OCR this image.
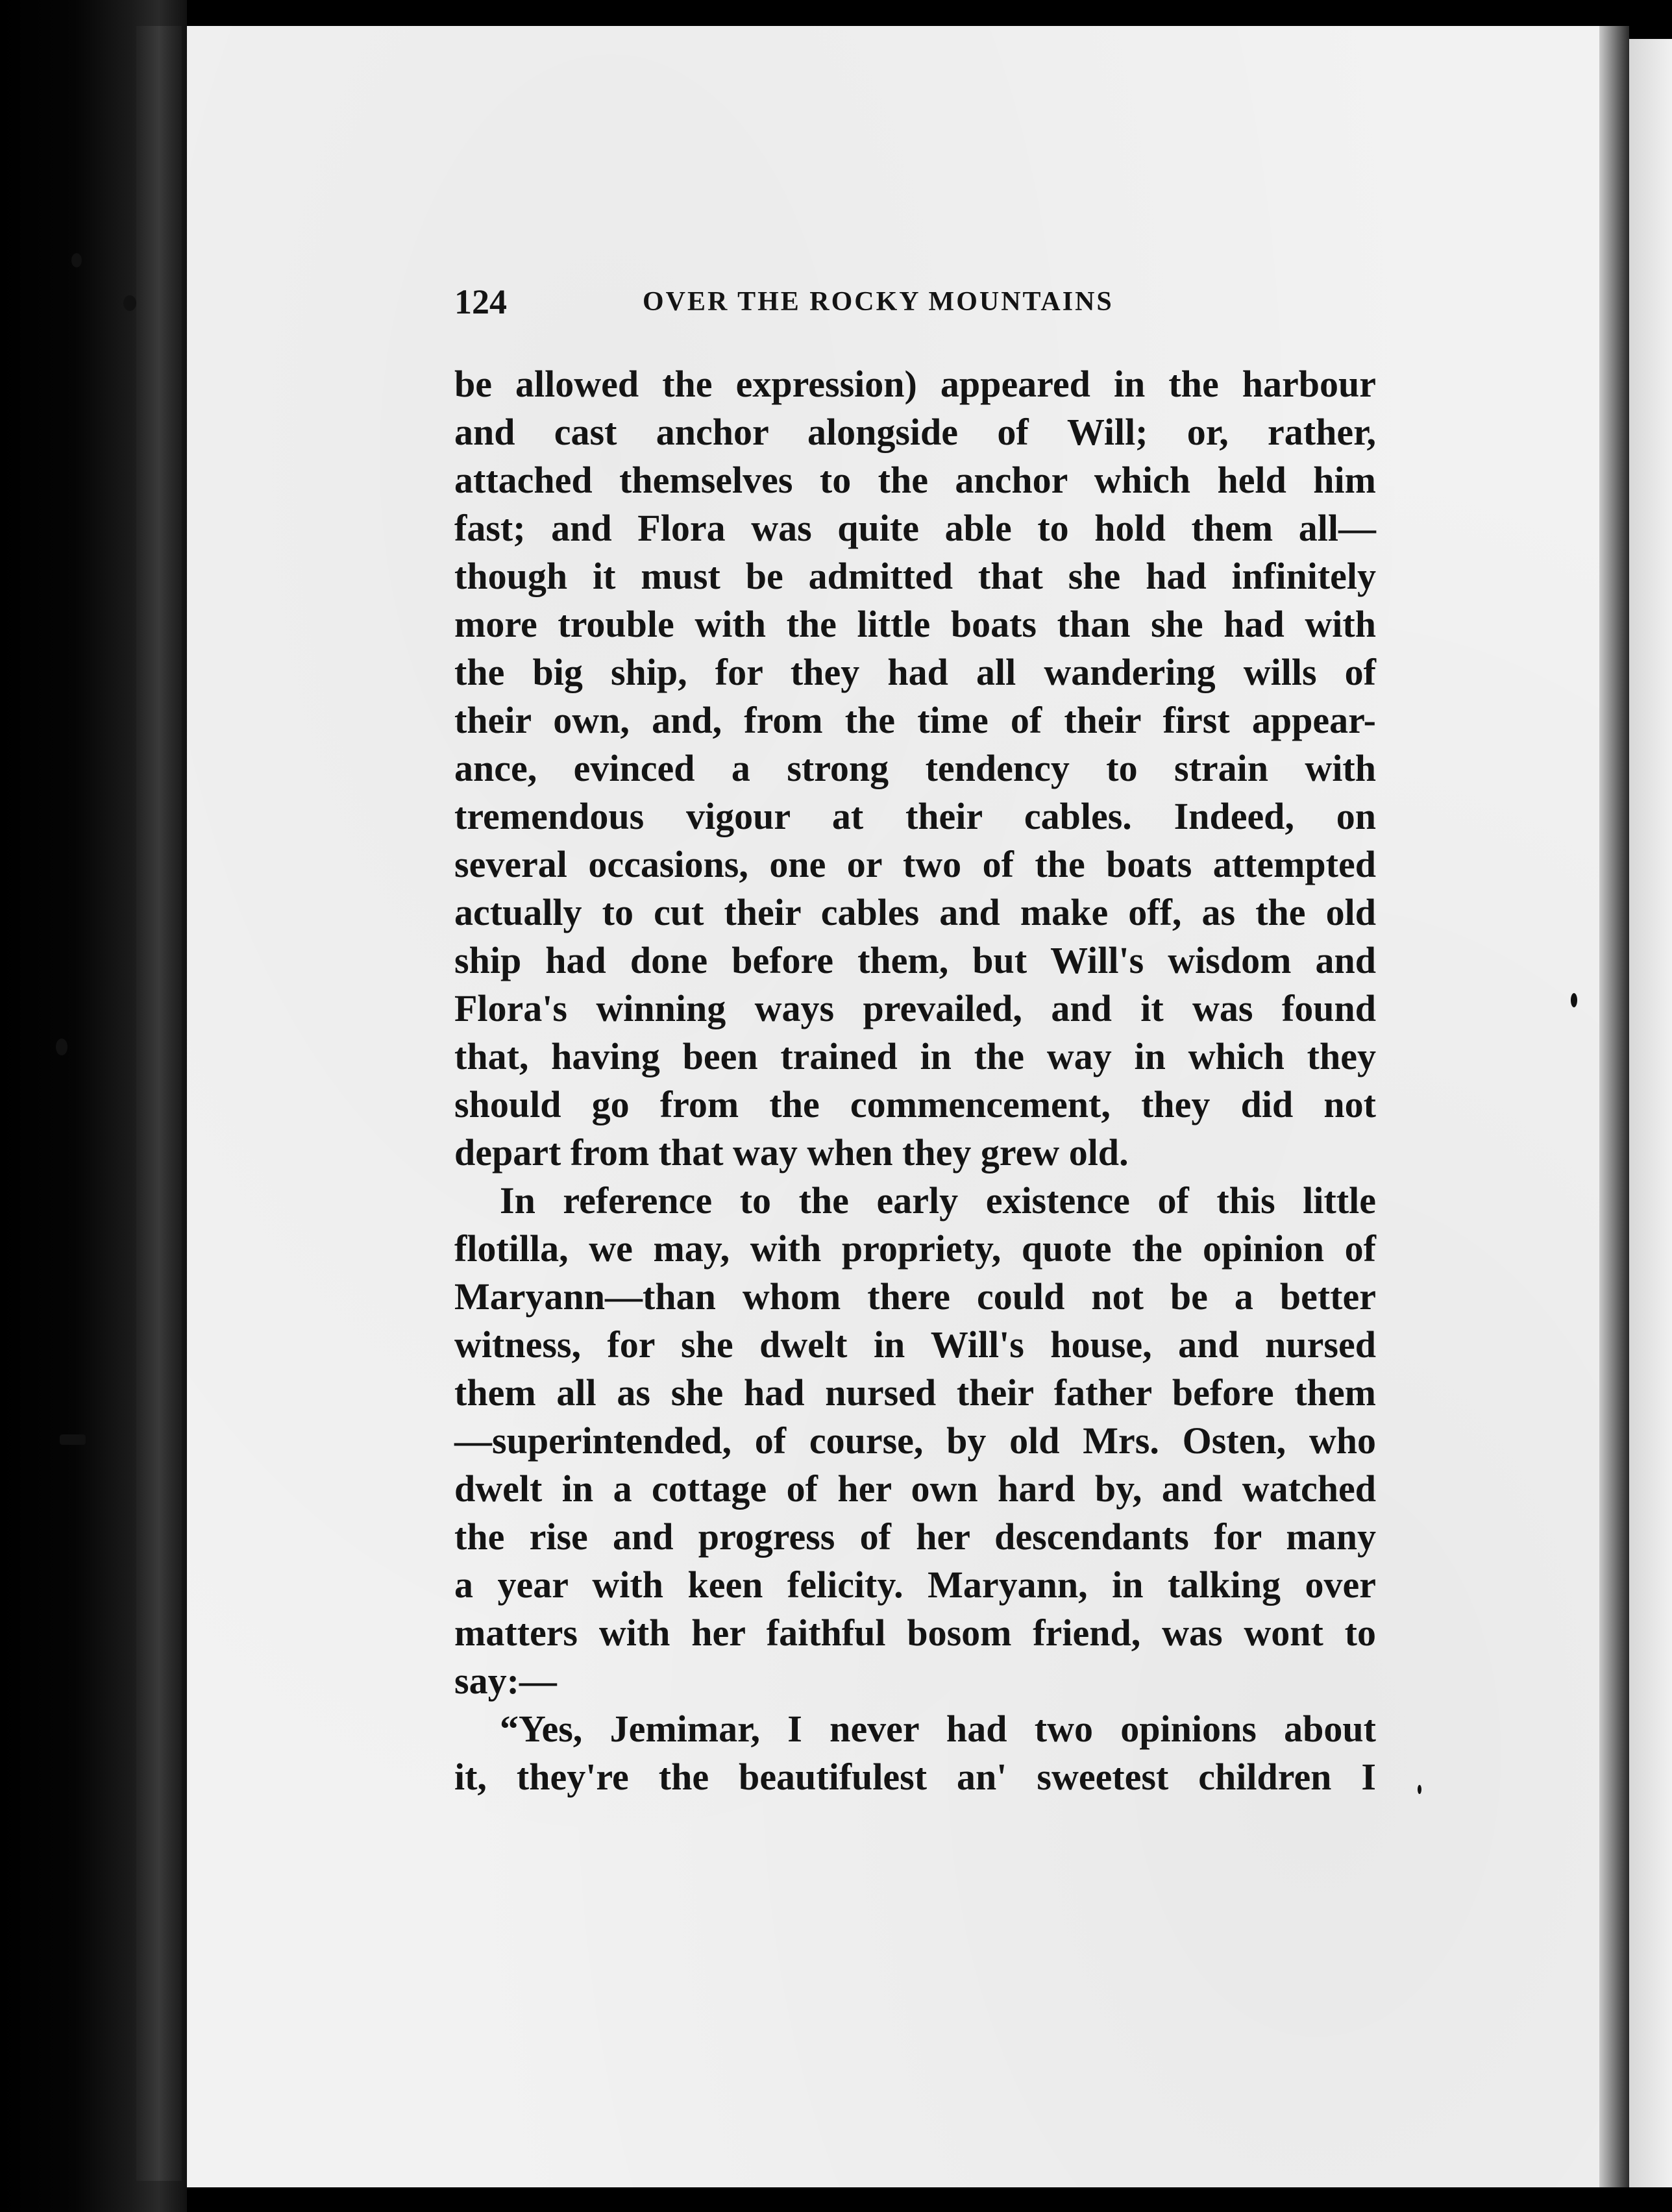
124	OVER THE ROCKY MOUNTAINS
be allowed the expression) appeared in the harbour
and cast anchor alongside of Will; or, rather,
attached themselves to the anchor which held him
fast; and Flora was quite able to hold them all—
though it must be admitted that she had infinitely
more trouble with the little boats than she had with
the big ship, for they had all wandering wills of
their own, and, from the time of their first appear-
ance, evinced a strong tendency to strain with
tremendous vigour at their cables. Indeed, on
several occasions, one or two of the boats attempted
actually to cut their cables and make off, as the old
ship had done before them, but Will's wisdom and
Flora's winning ways prevailed, and it was found
that, having been trained in the way in which they
should go from the commencement, they did not
depart from that way when they grew old.
In reference to the early existence of this little
flotilla, we may, with propriety, quote the opinion of
Maryann—than whom there could not be a better
witness, for she dwelt in Will's house, and nursed
them all as she had nursed their father before them
—superintended, of course, by old Mrs. Osten, who
dwelt in a cottage of her own hard by, and watched
the rise and progress of her descendants for many
a year with keen felicity. Maryann, in talking over
matters with her faithful bosom friend, was wont to
say:—
“Yes, Jemimar, I never had two opinions about
it, they're the beautifulest an' sweetest children I
